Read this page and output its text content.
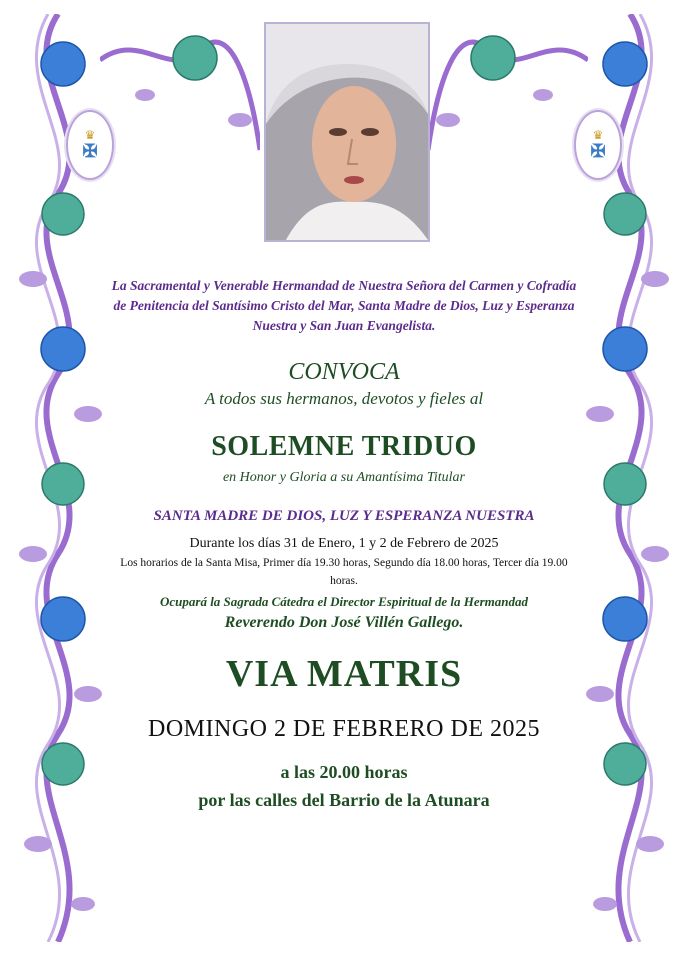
♛
✠
♛
✠
La Sacramental y Venerable Hermandad de Nuestra Señora del Carmen y Cofradía de Penitencia del Santísimo Cristo del Mar, Santa Madre de Dios, Luz y Esperanza Nuestra y San Juan Evangelista.
CONVOCA
A todos sus hermanos, devotos y fieles al
SOLEMNE TRIDUO
en Honor y Gloria a su Amantísima Titular
SANTA MADRE DE DIOS, LUZ Y ESPERANZA NUESTRA
Durante los días 31 de Enero, 1 y 2 de Febrero de 2025
Los horarios de la Santa Misa, Primer día 19.30 horas, Segundo día 18.00 horas, Tercer día 19.00 horas.
Ocupará la Sagrada Cátedra el Director Espiritual de la Hermandad
Reverendo Don José Villén Gallego.
VIA MATRIS
DOMINGO 2 DE FEBRERO DE 2025
a las 20.00 horas
por las calles del Barrio de la Atunara
